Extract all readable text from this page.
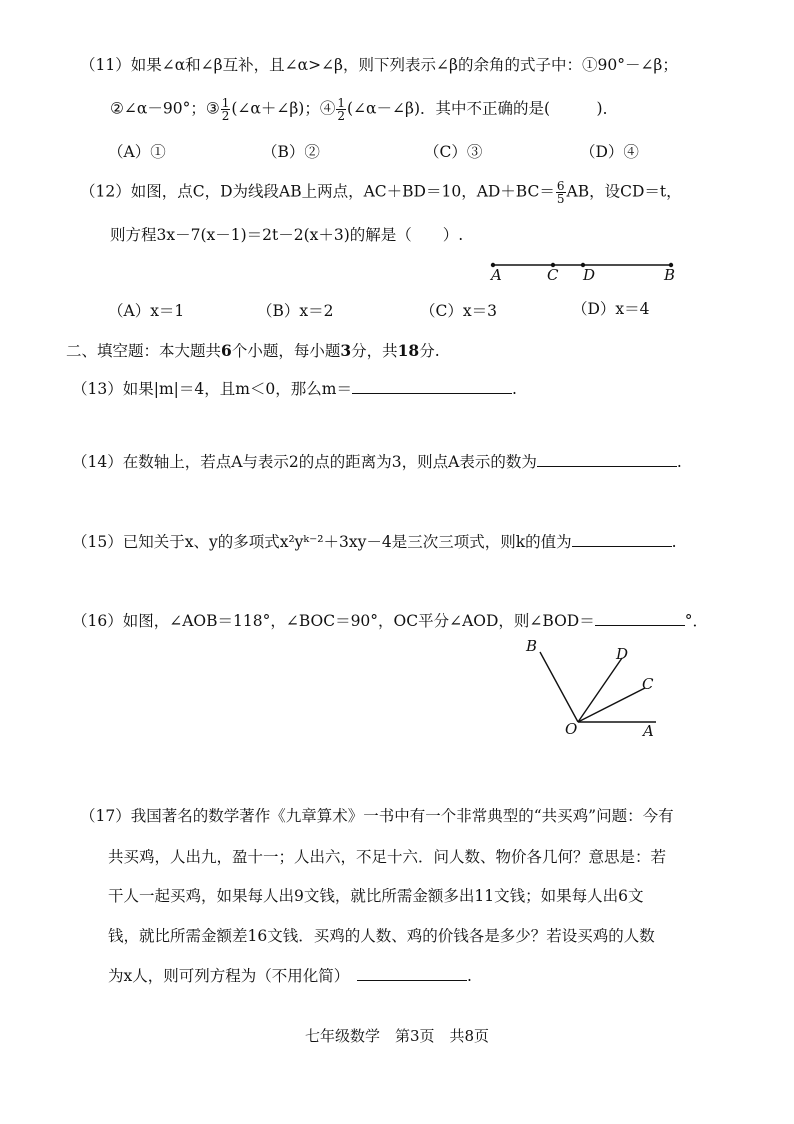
（11）如果∠α和∠β互补，且∠α>∠β，则下列表示∠β的余角的式子中：①90°－∠β；
②∠α－90°；③ $\frac{1}{2}$ (∠α＋∠β)；④ $\frac{1}{2}$ (∠α－∠β)．其中不正确的是(　　　)．
（A）①	（B）②	（C）③	（D）④
（12）如图，点C，D为线段AB上两点，AC＋BD＝10，$AD+BC= \frac{6}{5}$ AB，设CD＝t，
则方程3x－7(x－1)＝2t－2(x＋3)的解是（　　）.
A	C D	B
（A）x＝1	（B）x＝2	（C）x＝3	（D）x＝4
二、填空题：本大题共6个小题，每小题3分，共18分.
（13）如果|m|＝4，且m＜0，那么m＝	.
（14）在数轴上，若点A与表示2的点的距离为3，则点A表示的数为	.
（15）已知关于x、y的多项式x²yᵏ⁻²＋3xy－4是三次三项式，则k的值为	.
（16）如图，∠AOB＝118°，∠BOC＝90°，OC平分∠AOD，则∠BOD＝	°．
B	D
C
O	A
（17）我国著名的数学著作《九章算术》一书中有一个非常典型的“共买鸡”问题：今有
共买鸡，人出九，盈十一；人出六，不足十六．问人数、物价各几何？意思是：若
干人一起买鸡，如果每人出9文钱，就比所需金额多出11文钱；如果每人出6文
钱，就比所需金额差16文钱．买鸡的人数、鸡的价钱各是多少？若设买鸡的人数
为x人，则可列方程为（不用化简）　	.
七年级数学　第3页　共8页
